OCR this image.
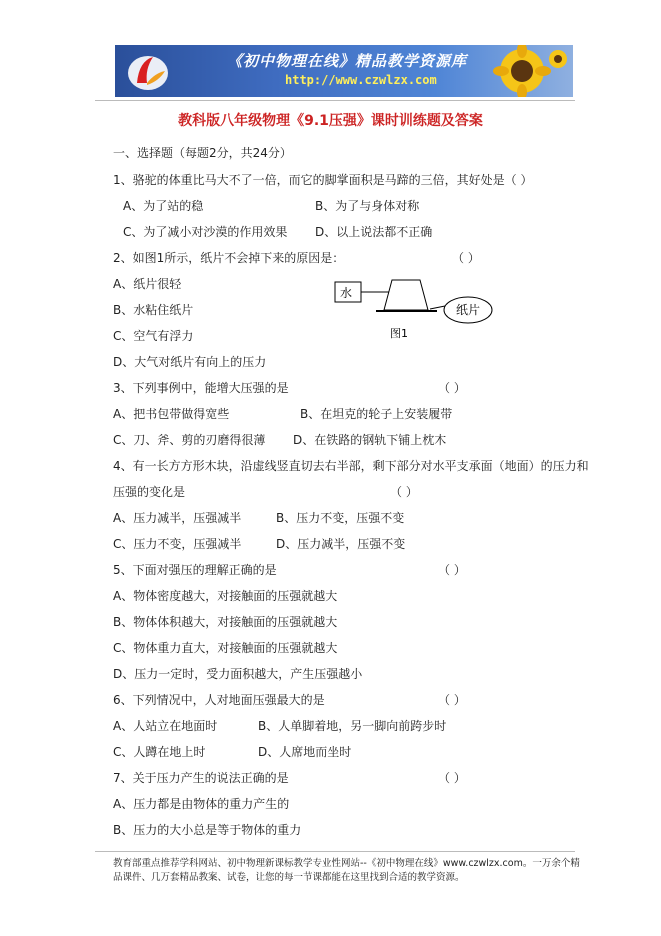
《初中物理在线》精品教学资源库
http://www.czwlzx.com
教科版八年级物理《9.1压强》课时训练题及答案
一、选择题（每题2分，共24分）
1、骆驼的体重比马大不了一倍，而它的脚掌面积是马蹄的三倍，其好处是（ ）
A、为了站的稳	B、为了与身体对称
C、为了减小对沙漠的作用效果 D、以上说法都不正确
2、如图1所示，纸片不会掉下来的原因是：	（ ）
A、纸片很轻
B、水粘住纸片
C、空气有浮力
D、大气对纸片有向上的压力
水
纸片
图1
3、下列事例中，能增大压强的是	（ ）
A、把书包带做得宽些	B、在坦克的轮子上安装履带
C、刀、斧、剪的刃磨得很薄 D、在铁路的钢轨下铺上枕木
4、有一长方方形木块，沿虚线竖直切去右半部，剩下部分对水平支承面（地面）的压力和
压强的变化是	（ ）
A、压力减半，压强减半	B、压力不变，压强不变
C、压力不变，压强减半	D、压力减半，压强不变
5、下面对强压的理解正确的是	（ ）
A、物体密度越大，对接触面的压强就越大
B、物体体积越大，对接触面的压强就越大
C、物体重力直大，对接触面的压强就越大
D、压力一定时，受力面积越大，产生压强越小
6、下列情况中，人对地面压强最大的是	（ ）
A、人站立在地面时	B、人单脚着地，另一脚向前跨步时
C、人蹲在地上时	D、人席地而坐时
7、关于压力产生的说法正确的是	（ ）
A、压力都是由物体的重力产生的
B、压力的大小总是等于物体的重力
教育部重点推荐学科网站、初中物理新课标教学专业性网站--《初中物理在线》www.czwlzx.com。一万余个精品课件、几万套精品教案、试卷，让您的每一节课都能在这里找到合适的教学资源。
